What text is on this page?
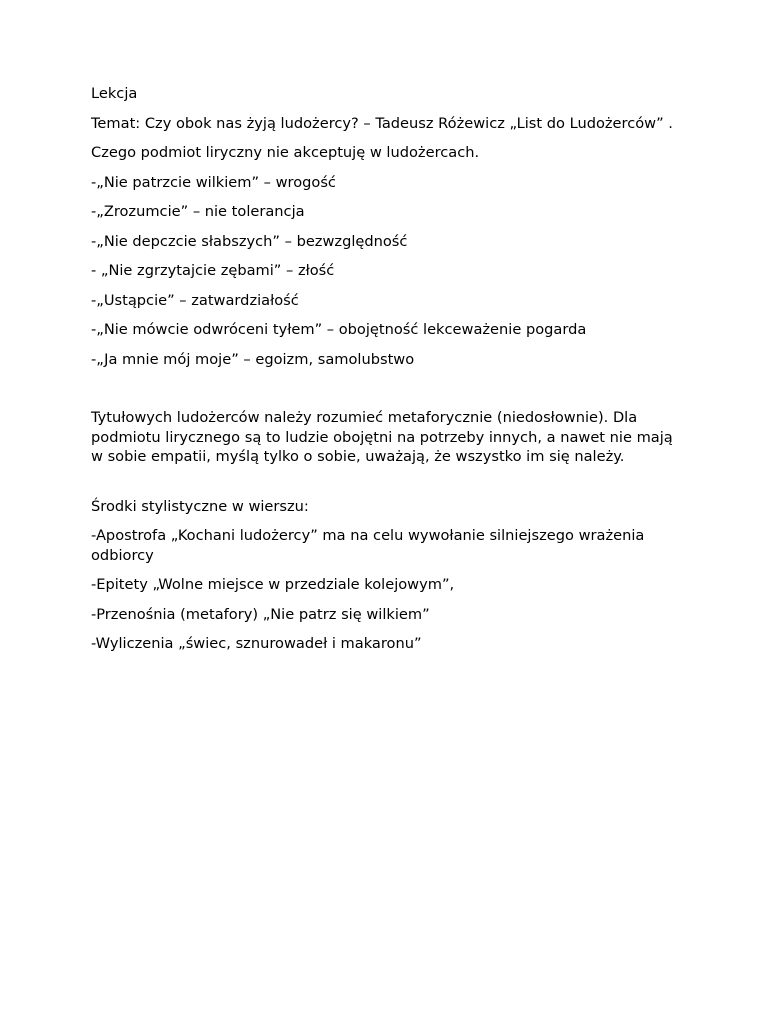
Lekcja

Temat: Czy obok nas żyją ludożercy? – Tadeusz Różewicz „List do Ludożerców” .

Czego podmiot liryczny nie akceptuję w ludożercach.

-„Nie patrzcie wilkiem” – wrogość

-„Zrozumcie” – nie tolerancja

-„Nie depczcie słabszych” – bezwzględność

- „Nie zgrzytajcie zębami” – złość

-„Ustąpcie” – zatwardziałość

-„Nie mówcie odwróceni tyłem” – obojętność lekceważenie pogarda

-„Ja mnie mój moje” – egoizm, samolubstwo

Tytułowych ludożerców należy rozumieć metaforycznie (niedosłownie). Dla podmiotu lirycznego są to ludzie obojętni na potrzeby innych, a nawet nie mają w sobie empatii, myślą tylko o sobie, uważają, że wszystko im się należy.

Środki stylistyczne w wierszu:

-Apostrofa „Kochani ludożercy” ma na celu wywołanie silniejszego wrażenia odbiorcy

-Epitety „Wolne miejsce w przedziale kolejowym”,

-Przenośnia (metafory) „Nie patrz się wilkiem”

-Wyliczenia „świec, sznurowadeł i makaronu”
